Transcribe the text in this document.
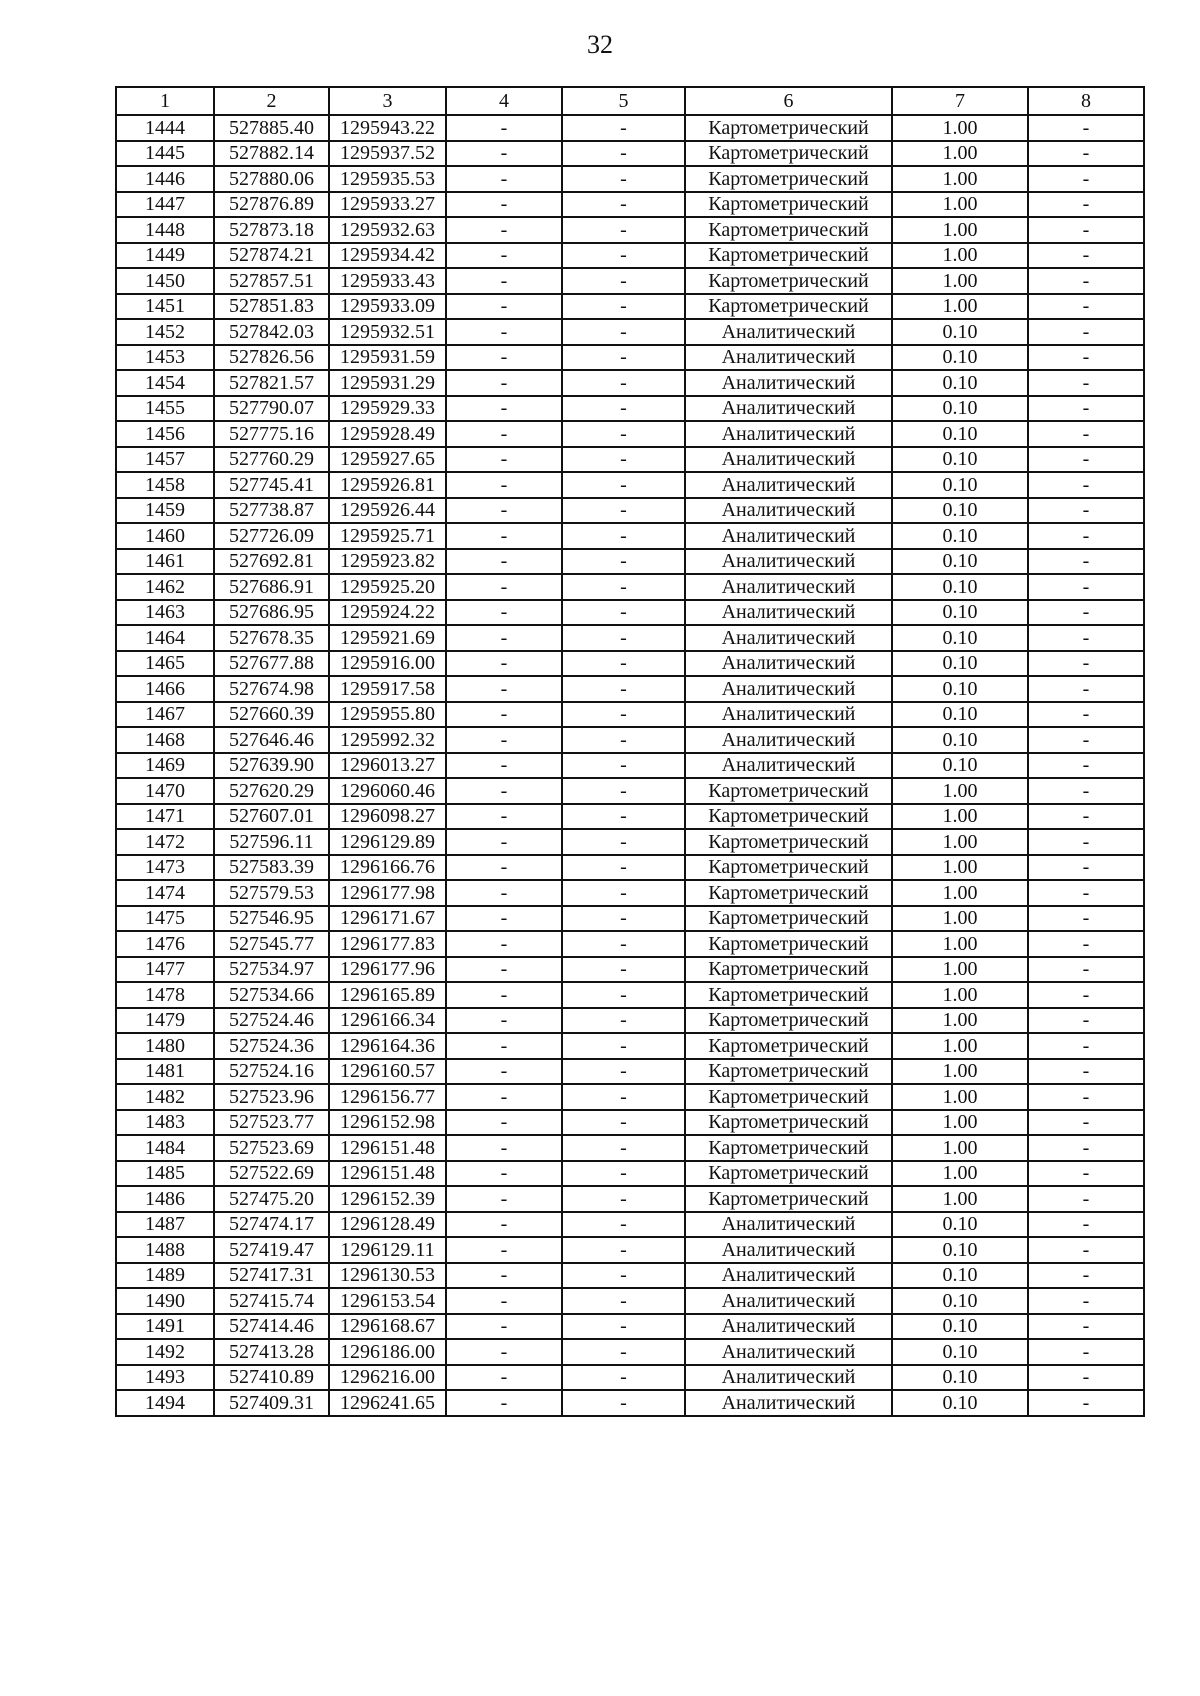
32
1	2	3	4	5	6	7	8
1444	527885.40	1295943.22	-	-	Картометрический	1.00	-
1445	527882.14	1295937.52	-	-	Картометрический	1.00	-
1446	527880.06	1295935.53	-	-	Картометрический	1.00	-
1447	527876.89	1295933.27	-	-	Картометрический	1.00	-
1448	527873.18	1295932.63	-	-	Картометрический	1.00	-
1449	527874.21	1295934.42	-	-	Картометрический	1.00	-
1450	527857.51	1295933.43	-	-	Картометрический	1.00	-
1451	527851.83	1295933.09	-	-	Картометрический	1.00	-
1452	527842.03	1295932.51	-	-	Аналитический	0.10	-
1453	527826.56	1295931.59	-	-	Аналитический	0.10	-
1454	527821.57	1295931.29	-	-	Аналитический	0.10	-
1455	527790.07	1295929.33	-	-	Аналитический	0.10	-
1456	527775.16	1295928.49	-	-	Аналитический	0.10	-
1457	527760.29	1295927.65	-	-	Аналитический	0.10	-
1458	527745.41	1295926.81	-	-	Аналитический	0.10	-
1459	527738.87	1295926.44	-	-	Аналитический	0.10	-
1460	527726.09	1295925.71	-	-	Аналитический	0.10	-
1461	527692.81	1295923.82	-	-	Аналитический	0.10	-
1462	527686.91	1295925.20	-	-	Аналитический	0.10	-
1463	527686.95	1295924.22	-	-	Аналитический	0.10	-
1464	527678.35	1295921.69	-	-	Аналитический	0.10	-
1465	527677.88	1295916.00	-	-	Аналитический	0.10	-
1466	527674.98	1295917.58	-	-	Аналитический	0.10	-
1467	527660.39	1295955.80	-	-	Аналитический	0.10	-
1468	527646.46	1295992.32	-	-	Аналитический	0.10	-
1469	527639.90	1296013.27	-	-	Аналитический	0.10	-
1470	527620.29	1296060.46	-	-	Картометрический	1.00	-
1471	527607.01	1296098.27	-	-	Картометрический	1.00	-
1472	527596.11	1296129.89	-	-	Картометрический	1.00	-
1473	527583.39	1296166.76	-	-	Картометрический	1.00	-
1474	527579.53	1296177.98	-	-	Картометрический	1.00	-
1475	527546.95	1296171.67	-	-	Картометрический	1.00	-
1476	527545.77	1296177.83	-	-	Картометрический	1.00	-
1477	527534.97	1296177.96	-	-	Картометрический	1.00	-
1478	527534.66	1296165.89	-	-	Картометрический	1.00	-
1479	527524.46	1296166.34	-	-	Картометрический	1.00	-
1480	527524.36	1296164.36	-	-	Картометрический	1.00	-
1481	527524.16	1296160.57	-	-	Картометрический	1.00	-
1482	527523.96	1296156.77	-	-	Картометрический	1.00	-
1483	527523.77	1296152.98	-	-	Картометрический	1.00	-
1484	527523.69	1296151.48	-	-	Картометрический	1.00	-
1485	527522.69	1296151.48	-	-	Картометрический	1.00	-
1486	527475.20	1296152.39	-	-	Картометрический	1.00	-
1487	527474.17	1296128.49	-	-	Аналитический	0.10	-
1488	527419.47	1296129.11	-	-	Аналитический	0.10	-
1489	527417.31	1296130.53	-	-	Аналитический	0.10	-
1490	527415.74	1296153.54	-	-	Аналитический	0.10	-
1491	527414.46	1296168.67	-	-	Аналитический	0.10	-
1492	527413.28	1296186.00	-	-	Аналитический	0.10	-
1493	527410.89	1296216.00	-	-	Аналитический	0.10	-
1494	527409.31	1296241.65	-	-	Аналитический	0.10	-
